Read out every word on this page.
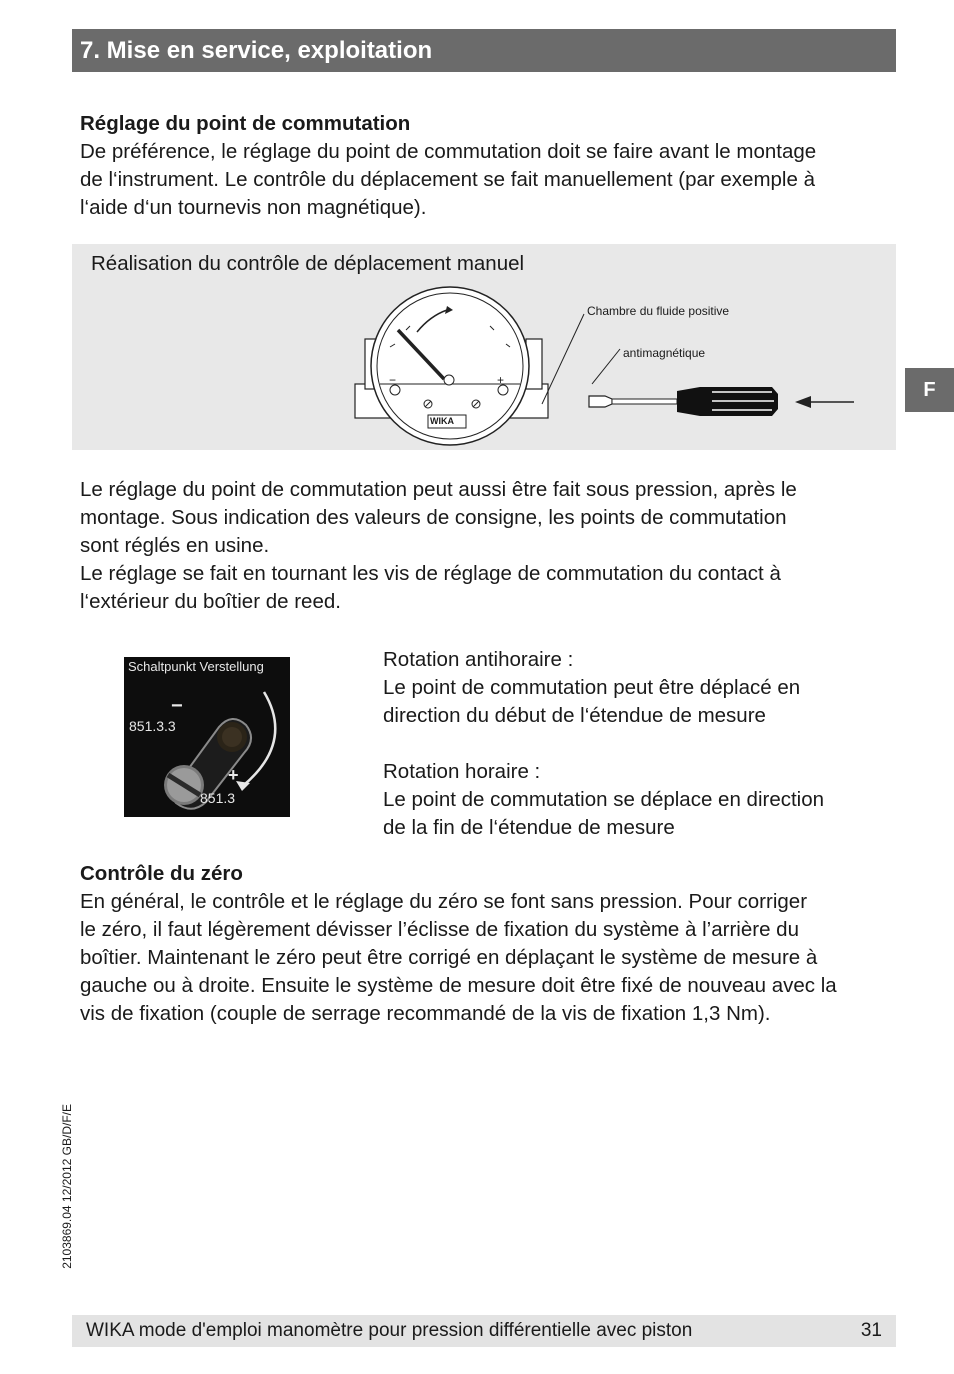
7. Mise en service, exploitation
Réglage du point de commutation
De préférence, le réglage du point de commutation doit se faire avant le montage
de l‘instrument. Le contrôle du déplacement se fait manuellement (par exemple à
l‘aide d‘un tournevis non magnétique).
Réalisation du contrôle de déplacement manuel
−	+
WIKA
Chambre du fluide positive
antimagnétique
F
Le réglage du point de commutation peut aussi être fait sous pression, après le
montage. Sous indication des valeurs de consigne, les points de commutation
sont réglés en usine.
Le réglage se fait en tournant les vis de réglage de commutation du contact à
l‘extérieur du boîtier de reed.
Schaltpunkt Verstellung
851.3.3
851.3
−
+
Rotation antihoraire :
Le point de commutation peut être déplacé en
direction du début de l‘étendue de mesure
Rotation horaire :
Le point de commutation se déplace en direction
de la fin de l‘étendue de mesure
Contrôle du zéro
En général, le contrôle et le réglage du zéro se font sans pression. Pour corriger
le zéro, il faut légèrement dévisser l’éclisse de fixation du système à l’arrière du
boîtier. Maintenant le zéro peut être corrigé en déplaçant le système de mesure à
gauche ou à droite. Ensuite le système de mesure doit être fixé de nouveau avec la
vis de fixation (couple de serrage recommandé de la vis de fixation 1,3 Nm).
2103869.04 12/2012 GB/D/F/E
WIKA mode d'emploi manomètre pour pression différentielle avec piston	31
